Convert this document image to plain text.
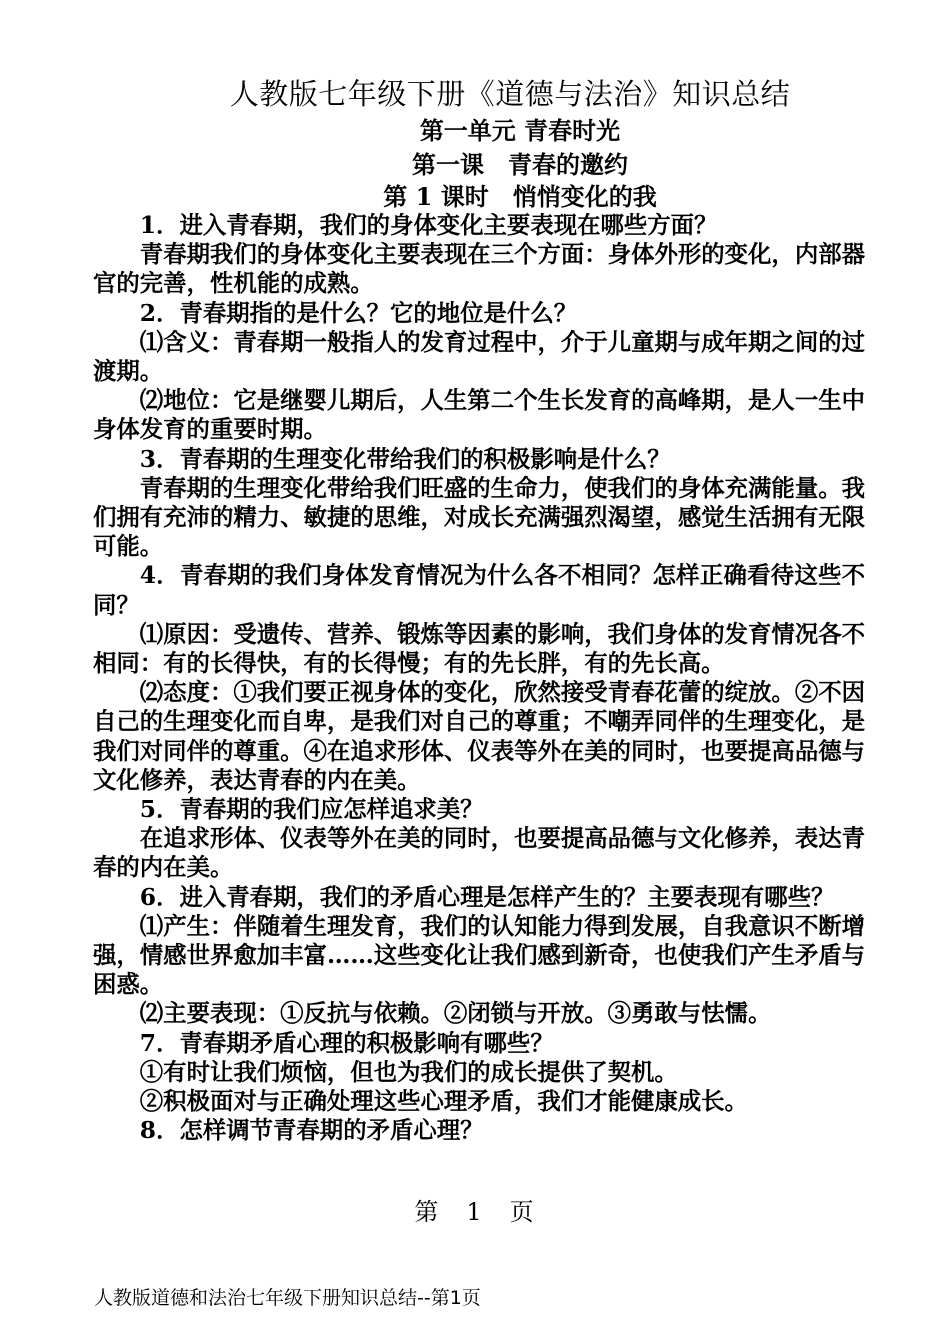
人教版七年级下册《道德与法治》知识总结
第一单元 青春时光
第一课　青春的邀约
第 1 课时　悄悄变化的我

1．进入青春期，我们的身体变化主要表现在哪些方面？

青春期我们的身体变化主要表现在三个方面：身体外形的变化，内部器官的完善，性机能的成熟。

2．青春期指的是什么？它的地位是什么？

⑴含义：青春期一般指人的发育过程中，介于儿童期与成年期之间的过渡期。

⑵地位：它是继婴儿期后，人生第二个生长发育的高峰期，是人一生中身体发育的重要时期。

3．青春期的生理变化带给我们的积极影响是什么？

青春期的生理变化带给我们旺盛的生命力，使我们的身体充满能量。我们拥有充沛的精力、敏捷的思维，对成长充满强烈渴望，感觉生活拥有无限可能。

4．青春期的我们身体发育情况为什么各不相同？怎样正确看待这些不同？

⑴原因：受遗传、营养、锻炼等因素的影响，我们身体的发育情况各不相同：有的长得快，有的长得慢；有的先长胖，有的先长高。

⑵态度：①我们要正视身体的变化，欣然接受青春花蕾的绽放。②不因自己的生理变化而自卑，是我们对自己的尊重；不嘲弄同伴的生理变化，是我们对同伴的尊重。④在追求形体、仪表等外在美的同时，也要提高品德与文化修养，表达青春的内在美。

5．青春期的我们应怎样追求美？

在追求形体、仪表等外在美的同时，也要提高品德与文化修养，表达青春的内在美。

6．进入青春期，我们的矛盾心理是怎样产生的？主要表现有哪些？

⑴产生：伴随着生理发育，我们的认知能力得到发展，自我意识不断增强，情感世界愈加丰富……这些变化让我们感到新奇，也使我们产生矛盾与困惑。

⑵主要表现：①反抗与依赖。②闭锁与开放。③勇敢与怯懦。

7．青春期矛盾心理的积极影响有哪些？

①有时让我们烦恼，但也为我们的成长提供了契机。

②积极面对与正确处理这些心理矛盾，我们才能健康成长。

8．怎样调节青春期的矛盾心理？

第　1　页
人教版道德和法治七年级下册知识总结--第1页
